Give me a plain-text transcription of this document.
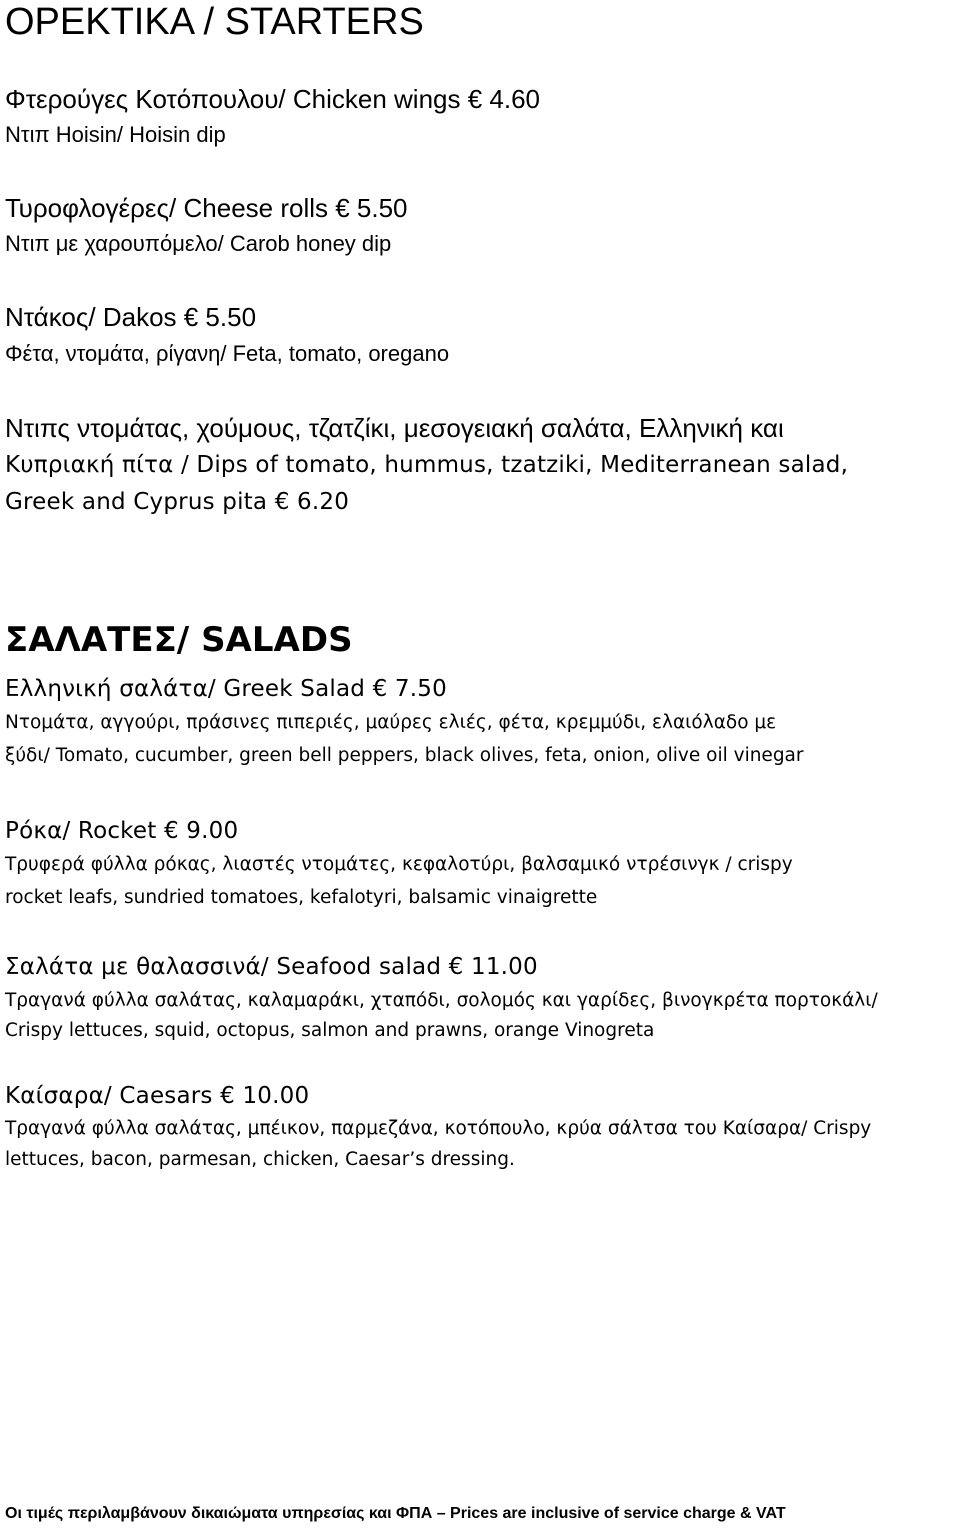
ΟΡΕΚΤΙΚΑ / STARTERS
Φτερούγες Κοτόπουλου/ Chicken wings € 4.60
Ντιπ Hoisin/ Hoisin dip
Τυροφλογέρες/ Cheese rolls € 5.50
Ντιπ με χαρουπόμελο/ Carob honey dip
Ντάκος/ Dakos € 5.50
Φέτα, ντομάτα, ρίγανη/ Feta, tomato, oregano
Ντιπς ντομάτας, χούμους, τζατζίκι, μεσογειακή σαλάτα, Ελληνική και
Κυπριακή πίτα / Dips of tomato, hummus, tzatziki, Mediterranean salad,
Greek and Cyprus pita € 6.20
ΣΑΛΑΤΕΣ/ SALADS
Ελληνική σαλάτα/ Greek Salad € 7.50
Ντομάτα, αγγούρι, πράσινες πιπεριές, μαύρες ελιές, φέτα, κρεμμύδι, ελαιόλαδο με
ξύδι/ Tomato, cucumber, green bell peppers, black olives, feta, onion, olive oil vinegar
Ρόκα/ Rocket € 9.00
Τρυφερά φύλλα ρόκας, λιαστές ντομάτες, κεφαλοτύρι, βαλσαμικό ντρέσινγκ / crispy
rocket leafs, sundried tomatoes, kefalotyri, balsamic vinaigrette
Σαλάτα με θαλασσινά/ Seafood salad € 11.00
Τραγανά φύλλα σαλάτας, καλαμαράκι, χταπόδι, σολομός και γαρίδες, βινογκρέτα πορτοκάλι/
Crispy lettuces, squid, octopus, salmon and prawns, orange Vinogreta
Καίσαρα/ Caesars € 10.00
Τραγανά φύλλα σαλάτας, μπέικον, παρμεζάνα, κοτόπουλο, κρύα σάλτσα του Καίσαρα/ Crispy
lettuces, bacon, parmesan, chicken, Caesar’s dressing.
Οι τιμές περιλαμβάνουν δικαιώματα υπηρεσίας και ΦΠΑ – Prices are inclusive of service charge & VAT
